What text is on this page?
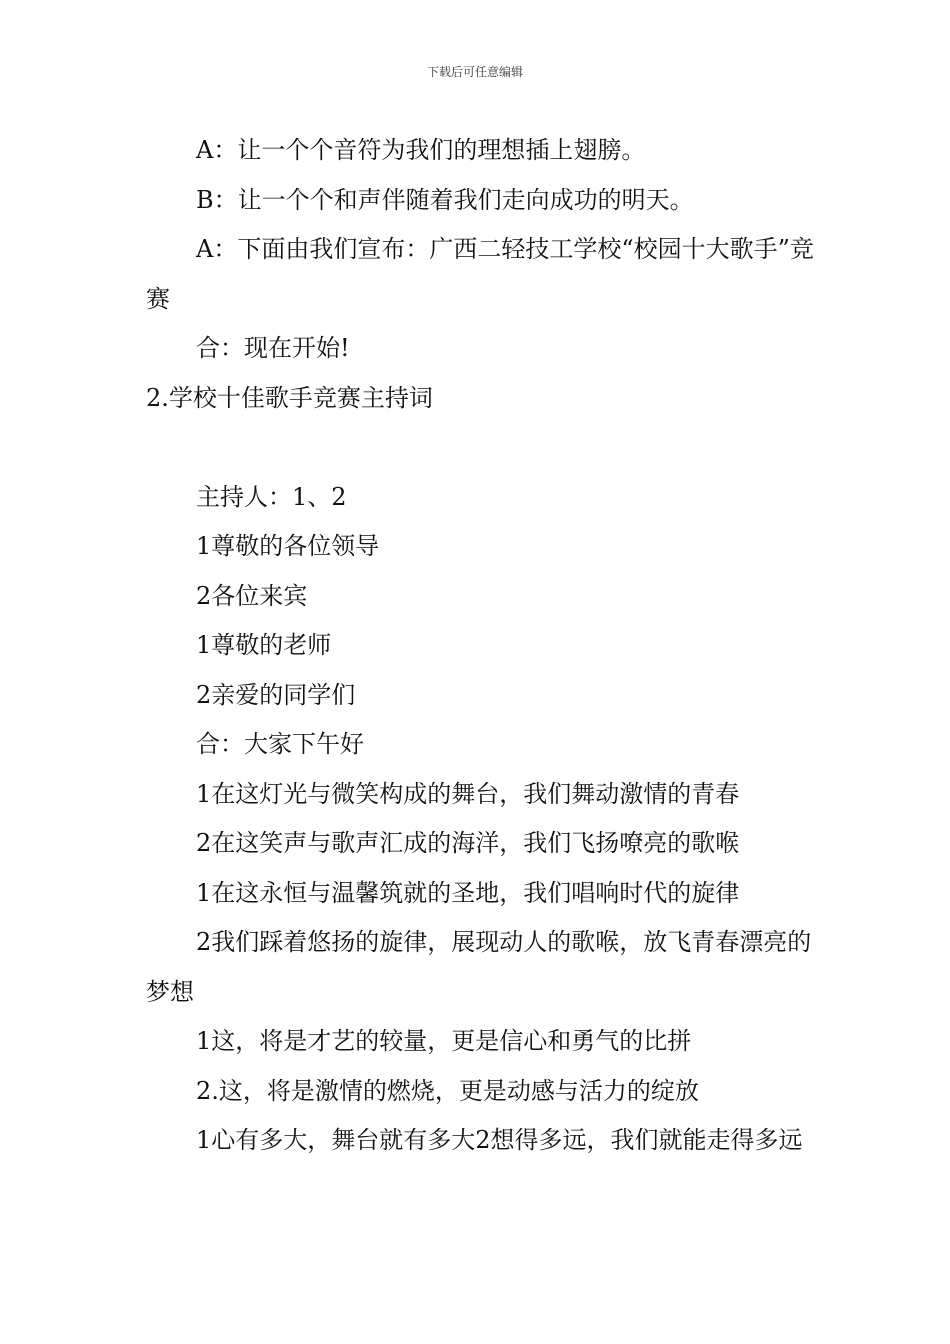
下载后可任意编辑

A：让一个个音符为我们的理想插上翅膀。

B：让一个个和声伴随着我们走向成功的明天。

A：下面由我们宣布：广西二轻技工学校“校园十大歌手”竞赛

合：现在开始!

2.学校十佳歌手竞赛主持词

主持人：1、2

1尊敬的各位领导

2各位来宾

1尊敬的老师

2亲爱的同学们

合：大家下午好

1在这灯光与微笑构成的舞台，我们舞动激情的青春

2在这笑声与歌声汇成的海洋，我们飞扬嘹亮的歌喉

1在这永恒与温馨筑就的圣地，我们唱响时代的旋律

2我们踩着悠扬的旋律，展现动人的歌喉，放飞青春漂亮的梦想

1这，将是才艺的较量，更是信心和勇气的比拼

2.这，将是激情的燃烧，更是动感与活力的绽放

1心有多大，舞台就有多大2想得多远，我们就能走得多远
